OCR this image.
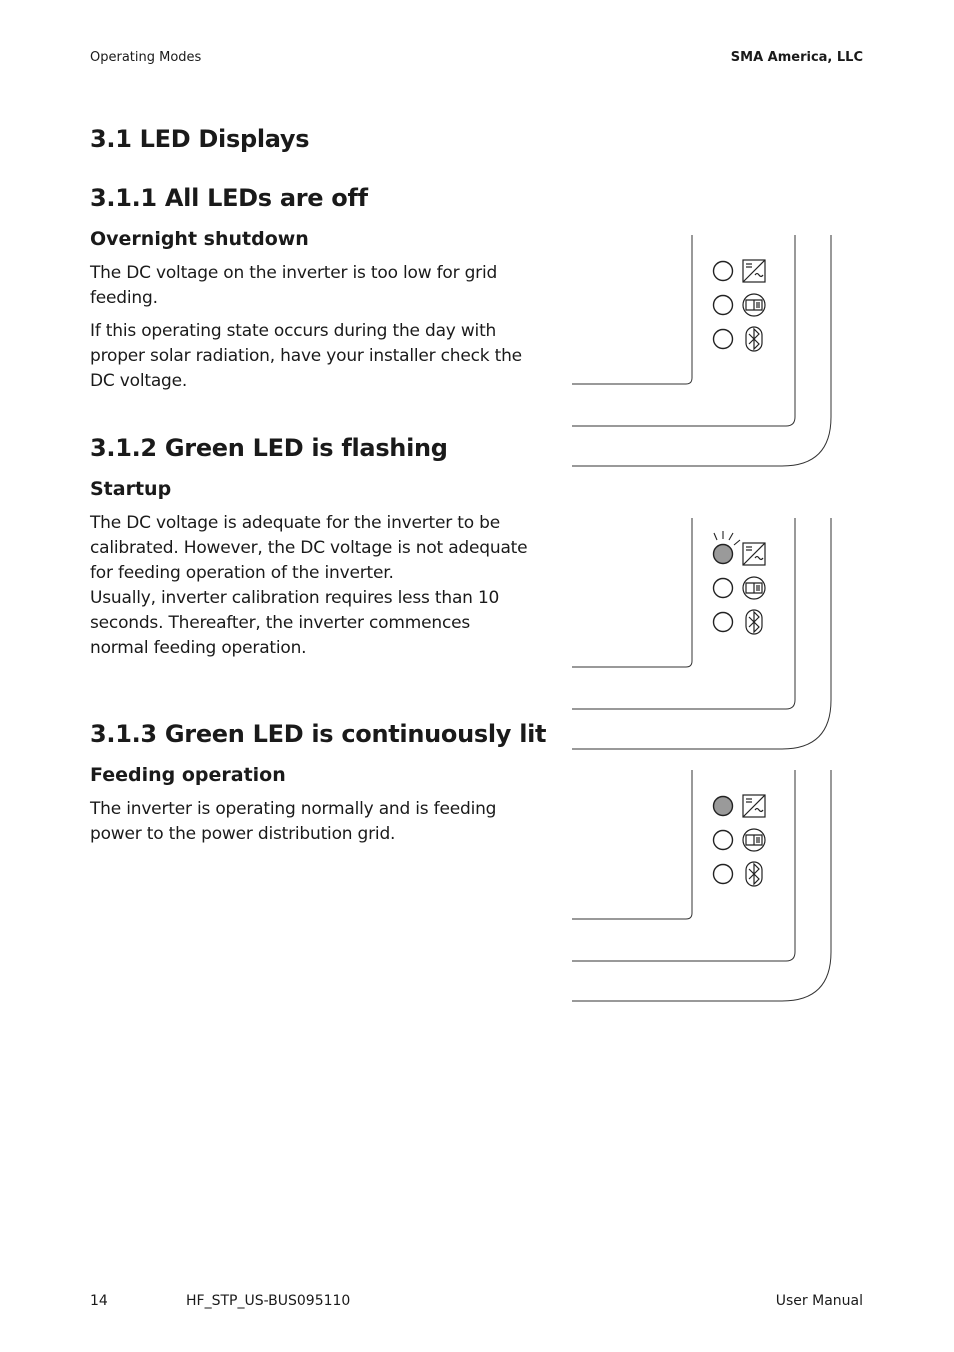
Operating Modes	SMA America, LLC
3.1 LED Displays
3.1.1 All LEDs are off
Overnight shutdown

The DC voltage on the inverter is too low for grid feeding.

If this operating state occurs during the day with proper solar radiation, have your installer check the DC voltage.

3.1.2 Green LED is flashing
Startup

The DC voltage is adequate for the inverter to be calibrated. However, the DC voltage is not adequate for feeding operation of the inverter.

Usually, inverter calibration requires less than 10 seconds. Thereafter, the inverter commences normal feeding operation.

3.1.3 Green LED is continuously lit
Feeding operation

The inverter is operating normally and is feeding power to the power distribution grid.

14	HF_STP_US-BUS095110	User Manual
